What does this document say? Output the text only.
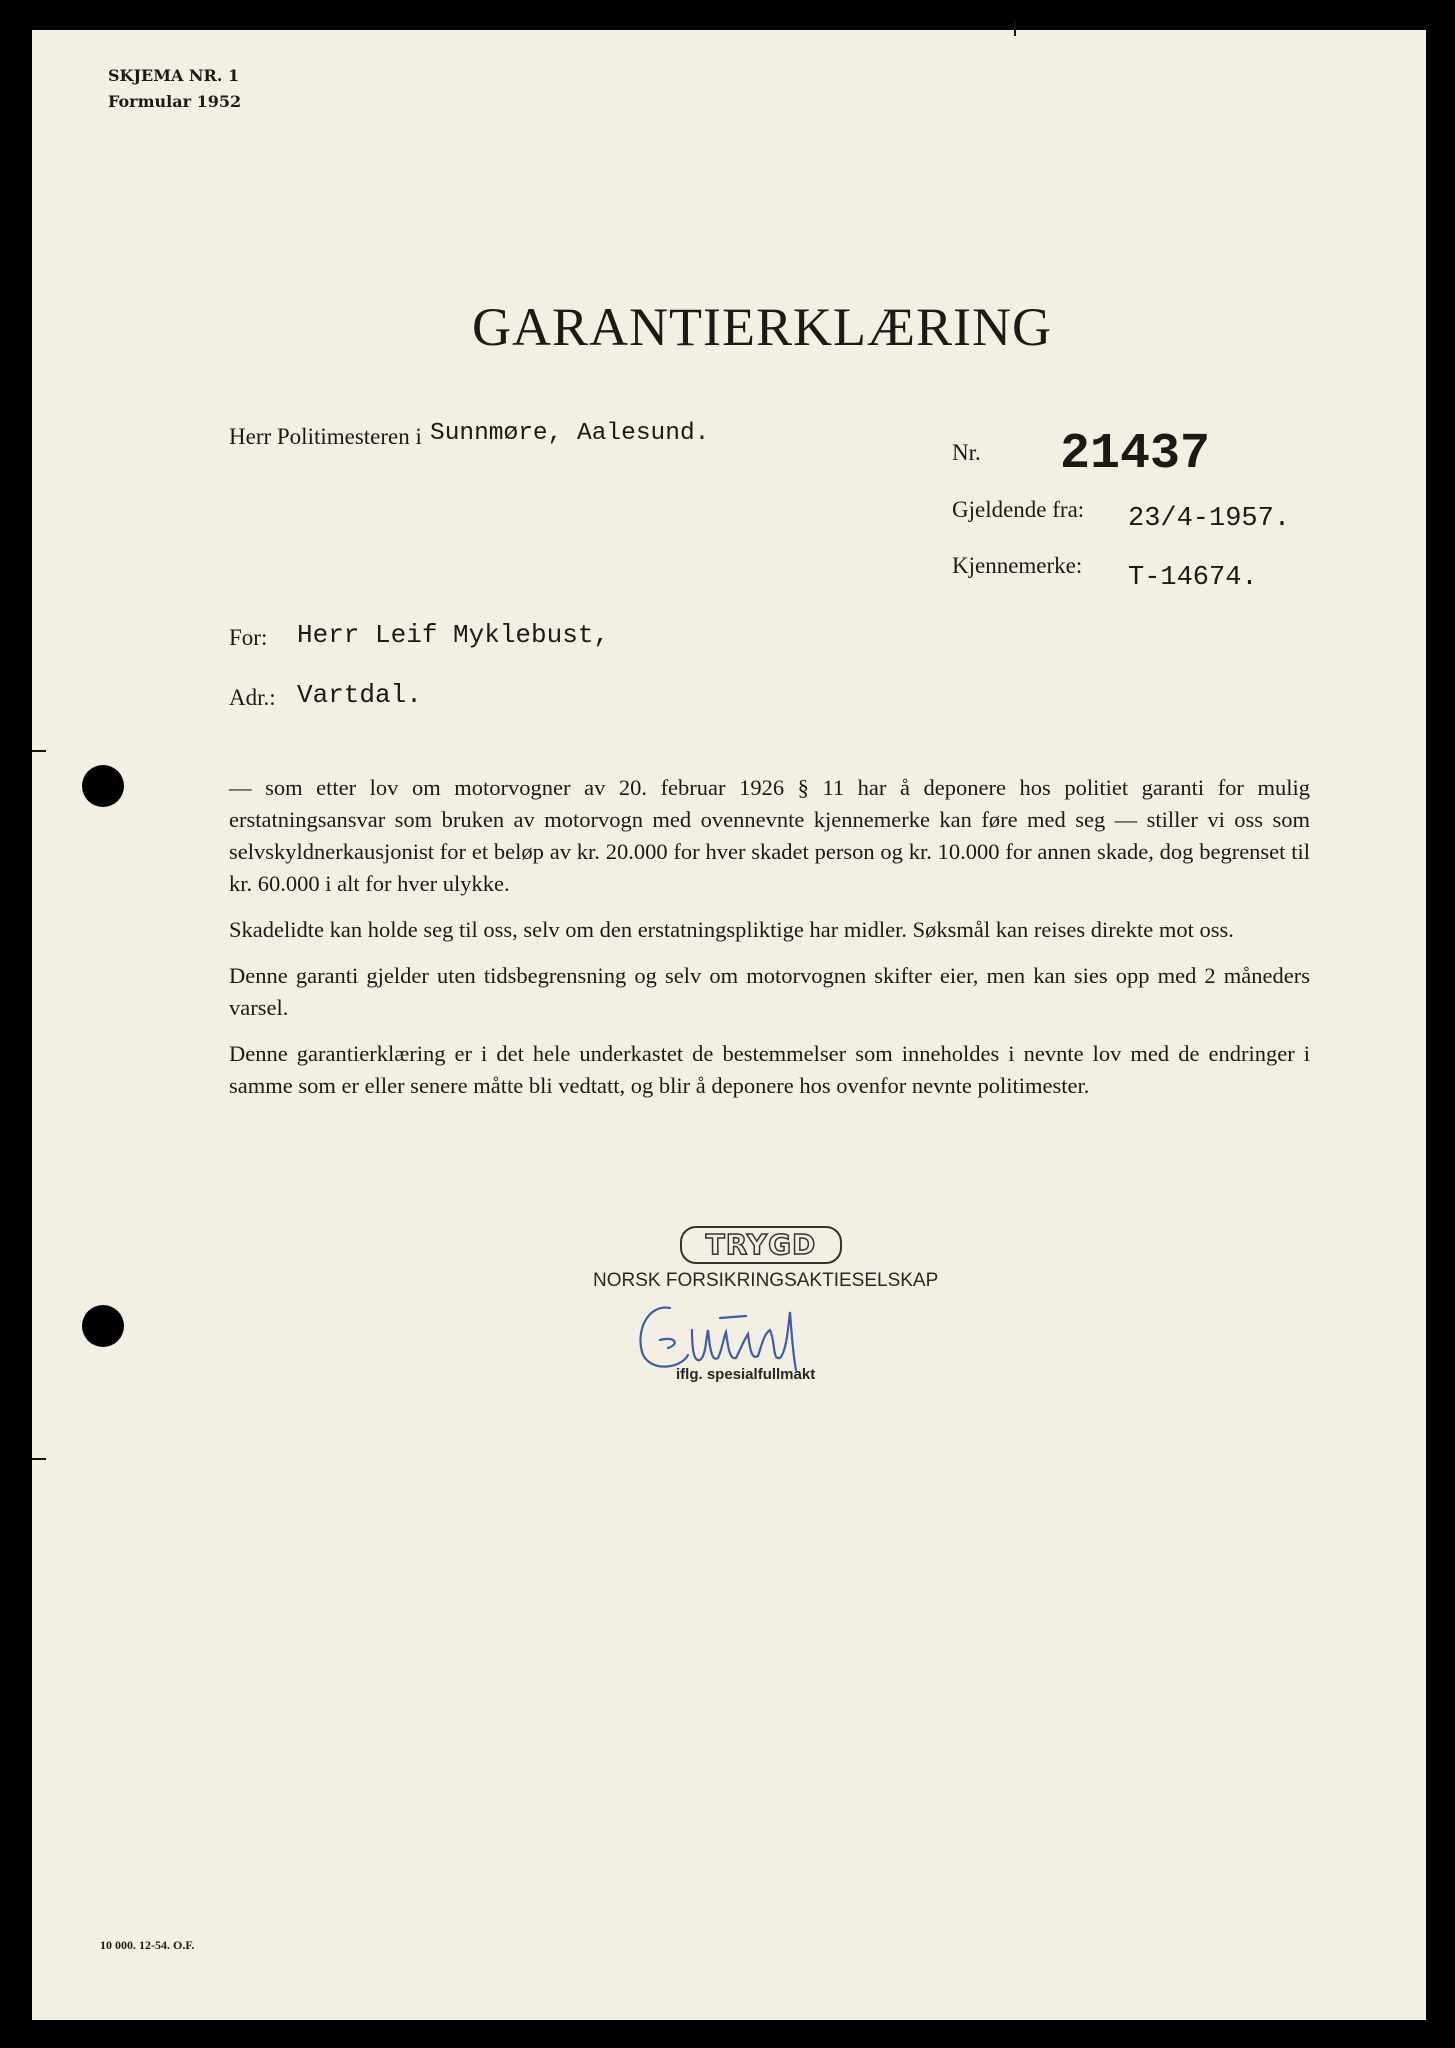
SKJEMA NR. 1
Formular 1952
GARANTIERKLÆRING
Herr Politimesteren i Sunnmøre, Aalesund.
Nr. 21437
Gjeldende fra: 23/4-1957.
Kjennemerke: T-14674.
For: Herr Leif Myklebust,
Adr.: Vartdal.

— som etter lov om motorvogner av 20. februar 1926 § 11 har å deponere hos politiet garanti for mulig erstatningsansvar som bruken av motorvogn med ovennevnte kjennemerke kan føre med seg — stiller vi oss som selvskyldnerkausjonist for et beløp av kr. 20.000 for hver skadet person og kr. 10.000 for annen skade, dog begrenset til kr. 60.000 i alt for hver ulykke.

Skadelidte kan holde seg til oss, selv om den erstatningspliktige har midler. Søksmål kan reises direkte mot oss.

Denne garanti gjelder uten tidsbegrensning og selv om motorvognen skifter eier, men kan sies opp med 2 måneders varsel.

Denne garantierklæring er i det hele underkastet de bestemmelser som inneholdes i nevnte lov med de endringer i samme som er eller senere måtte bli vedtatt, og blir å deponere hos ovenfor nevnte politimester.

TRYGD
NORSK FORSIKRINGSAKTIESELSKAP
iflg. spesialfullmakt
10 000. 12-54. O.F.
